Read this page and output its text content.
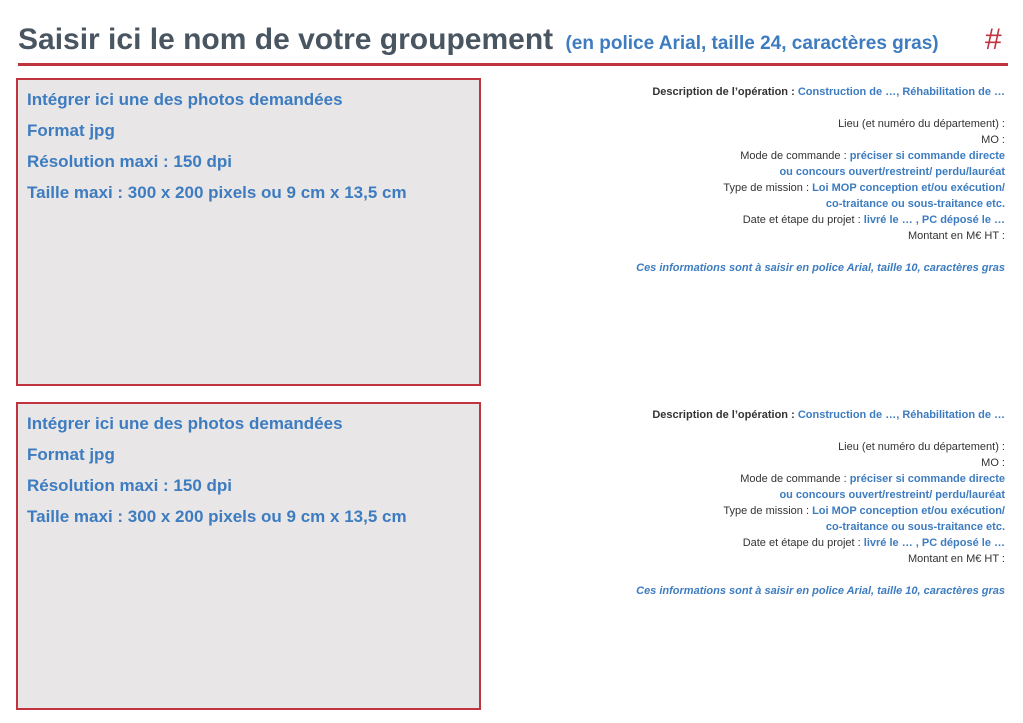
Saisir ici le nom de votre groupement (en police Arial, taille 24, caractères gras) #
Intégrer ici une des photos demandées
Format jpg
Résolution maxi : 150 dpi
Taille maxi : 300 x 200 pixels ou 9 cm x 13,5 cm
Description de l’opération : Construction de …, Réhabilitation de …
Lieu (et numéro du département) :
MO :
Mode de commande : préciser si commande directe
ou concours ouvert/restreint/ perdu/lauréat
Type de mission : Loi MOP conception et/ou exécution/
co-traitance ou sous-traitance etc.
Date et étape du projet : livré le … , PC déposé le …
Montant en M€ HT :
Ces informations sont à saisir en police Arial, taille 10, caractères gras
Intégrer ici une des photos demandées
Format jpg
Résolution maxi : 150 dpi
Taille maxi : 300 x 200 pixels ou 9 cm x 13,5 cm
Description de l’opération : Construction de …, Réhabilitation de …
Lieu (et numéro du département) :
MO :
Mode de commande : préciser si commande directe
ou concours ouvert/restreint/ perdu/lauréat
Type de mission : Loi MOP conception et/ou exécution/
co-traitance ou sous-traitance etc.
Date et étape du projet : livré le … , PC déposé le …
Montant en M€ HT :
Ces informations sont à saisir en police Arial, taille 10, caractères gras
